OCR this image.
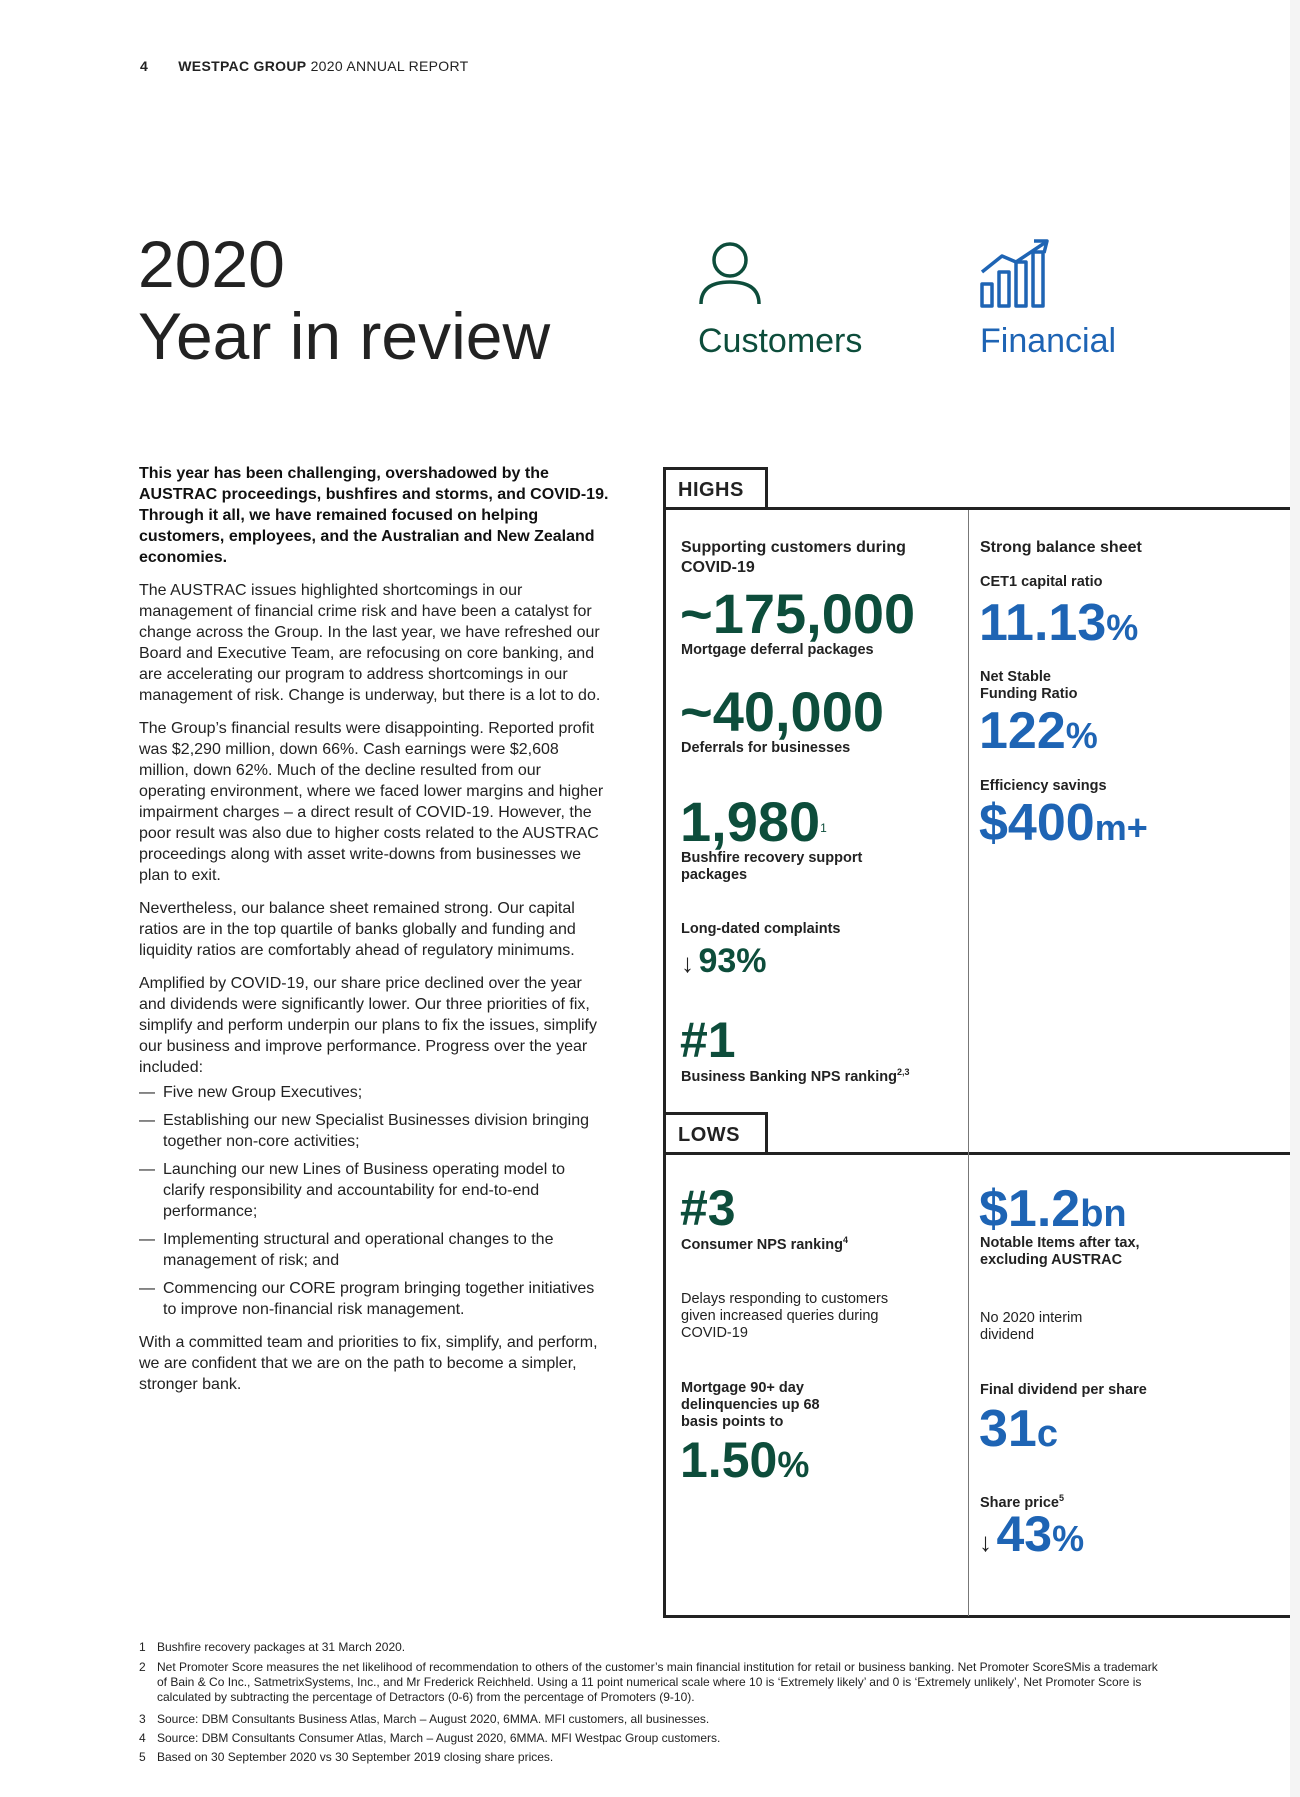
4 WESTPAC GROUP 2020 ANNUAL REPORT
2020
Year in review	Customers	Financial

This year has been challenging, overshadowed by the AUSTRAC proceedings, bushfires and storms, and COVID-19. Through it all, we have remained focused on helping customers, employees, and the Australian and New Zealand economies.

The AUSTRAC issues highlighted shortcomings in our management of financial crime risk and have been a catalyst for change across the Group. In the last year, we have refreshed our Board and Executive Team, are refocusing on core banking, and are accelerating our program to address shortcomings in our management of risk. Change is underway, but there is a lot to do.

The Group’s financial results were disappointing. Reported profit was $2,290 million, down 66%. Cash earnings were $2,608 million, down 62%. Much of the decline resulted from our operating environment, where we faced lower margins and higher impairment charges – a direct result of COVID-19. However, the poor result was also due to higher costs related to the AUSTRAC proceedings along with asset write-downs from businesses we plan to exit.

Nevertheless, our balance sheet remained strong. Our capital ratios are in the top quartile of banks globally and funding and liquidity ratios are comfortably ahead of regulatory minimums.

Amplified by COVID-19, our share price declined over the year and dividends were significantly lower. Our three priorities of fix, simplify and perform underpin our plans to fix the issues, simplify our business and improve performance. Progress over the year included:

— Five new Group Executives;
— Establishing our new Specialist Businesses division bringing together non-core activities;
— Launching our new Lines of Business operating model to clarify responsibility and accountability for end-to-end performance;
— Implementing structural and operational changes to the management of risk; and
— Commencing our CORE program bringing together initiatives to improve non-financial risk management.

With a committed team and priorities to fix, simplify, and perform, we are confident that we are on the path to become a simpler, stronger bank.

HIGHS
LOWS
Supporting customers during COVID-19
~175,000
Mortgage deferral packages
~40,000
Deferrals for businesses
1,980$^1$
Bushfire recovery support packages
Long-dated complaints
↓ 93%
#1
Business Banking NPS ranking$^{2,3}$
Strong balance sheet
CET1 capital ratio
11.13%
Net Stable Funding Ratio
122%
Efficiency savings
$400m+
#3
Consumer NPS ranking$^4$
Delays responding to customers given increased queries during COVID-19
Mortgage 90+ day delinquencies up 68 basis points to
1.50%
$1.2bn
Notable Items after tax, excluding AUSTRAC
No 2020 interim dividend
Final dividend per share
31c
Share price$^5$
↓ 43%
1 Bushfire recovery packages at 31 March 2020.
2 Net Promoter Score measures the net likelihood of recommendation to others of the customer’s main financial institution for retail or business banking. Net Promoter ScoreSMis a trademark of Bain & Co Inc., SatmetrixSystems, Inc., and Mr Frederick Reichheld. Using a 11 point numerical scale where 10 is ‘Extremely likely’ and 0 is ‘Extremely unlikely’, Net Promoter Score is calculated by subtracting the percentage of Detractors (0-6) from the percentage of Promoters (9-10).
3 Source: DBM Consultants Business Atlas, March – August 2020, 6MMA. MFI customers, all businesses.
4 Source: DBM Consultants Consumer Atlas, March – August 2020, 6MMA. MFI Westpac Group customers.
5 Based on 30 September 2020 vs 30 September 2019 closing share prices.
